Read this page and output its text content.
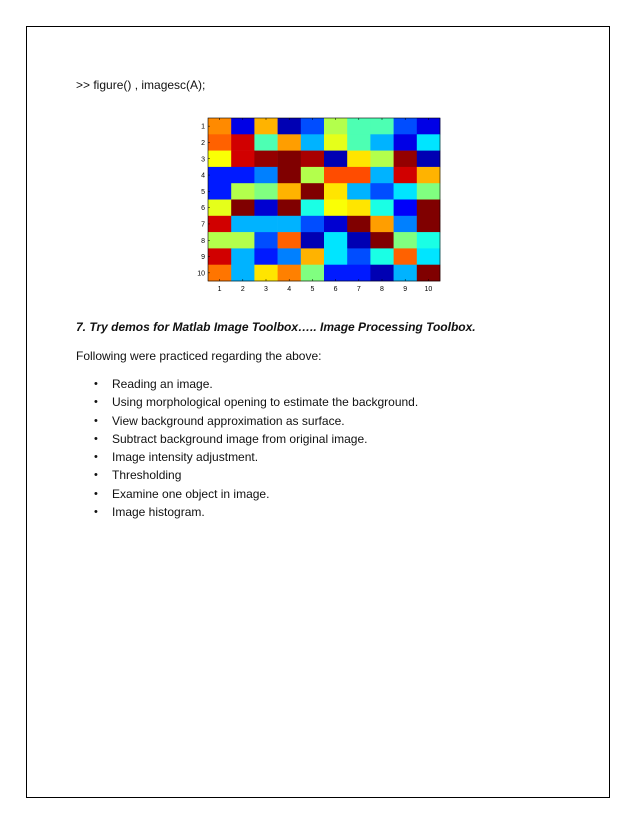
>> figure() , imagesc(A);
1
2
3
4
5
6
7
8
9
10
1	2	3	4	5	6	7	8	9 10
7. Try demos for Matlab Image Toolbox….. Image Processing Toolbox.
Following were practiced regarding the above:
• Reading an image.
• Using morphological opening to estimate the background.
• View background approximation as surface.
• Subtract background image from original image.
• Image intensity adjustment.
• Thresholding
• Examine one object in image.
• Image histogram.
